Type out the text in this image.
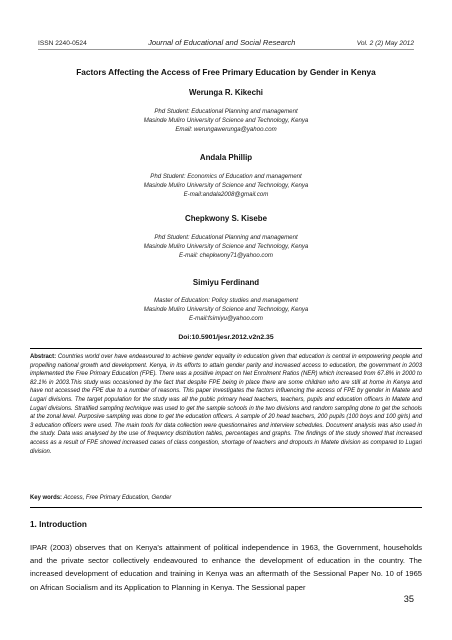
ISSN 2240-0524	Journal of Educational and Social Research	Vol. 2 (2) May 2012
Factors Affecting the Access of Free Primary Education by Gender in Kenya
Werunga R. Kikechi
Phd Student: Educational Planning and management
Masinde Muliro University of Science and Technology, Kenya
Email: werungawerunga@yahoo.com
Andala Phillip
Phd Student: Economics of Education and management
Masinde Muliro University of Science and Technology, Kenya
E-mail:andala2008@gmail.com
Chepkwony S. Kisebe
Phd Student: Educational Planning and management
Masinde Muliro University of Science and Technology, Kenya
E-mail: chepkwony71@yahoo.com
Simiyu Ferdinand
Master of Education: Policy studies and management
Masinde Muliro University of Science and Technology, Kenya
E-mail:fsimiyu@yahoo.com
Doi:10.5901/jesr.2012.v2n2.35
Abstract: Countries world over have endeavoured to achieve gender equality in education given that education is central in empowering people and propelling national growth and development. Kenya, in its efforts to attain gender parity and increased access to education, the government in 2003 implemented the Free Primary Education (FPE). There was a positive impact on Net Enrolment Ratios (NER) which increased from 67.8% in 2000 to 82.1% in 2003.This study was occasioned by the fact that despite FPE being in place there are some children who are still at home in Kenya and have not accessed the FPE due to a number of reasons. This paper investigates the factors influencing the access of FPE by gender in Matete and Lugari divisions. The target population for the study was all the public primary head teachers, teachers, pupils and education officers in Matete and Lugari divisions. Stratified sampling technique was used to get the sample schools in the two divisions and random sampling done to get the schools at the zonal level. Purposive sampling was done to get the education officers. A sample of 20 head teachers, 200 pupils (100 boys and 100 girls) and 3 education officers were used. The main tools for data collection were questionnaires and interview schedules. Document analysis was also used in the study. Data was analysed by the use of frequency distribution tables, percentages and graphs. The findings of the study showed that increased access as a result of FPE showed increased cases of class congestion, shortage of teachers and dropouts in Matete division as compared to Lugari division.
Key words: Access, Free Primary Education, Gender
1. Introduction
IPAR (2003) observes that on Kenya's attainment of political independence in 1963, the Government, households and the private sector collectively endeavoured to enhance the development of education in the country. The increased development of education and training in Kenya was an aftermath of the Sessional Paper No. 10 of 1965 on African Socialism and its Application to Planning in Kenya. The Sessional paper
35
